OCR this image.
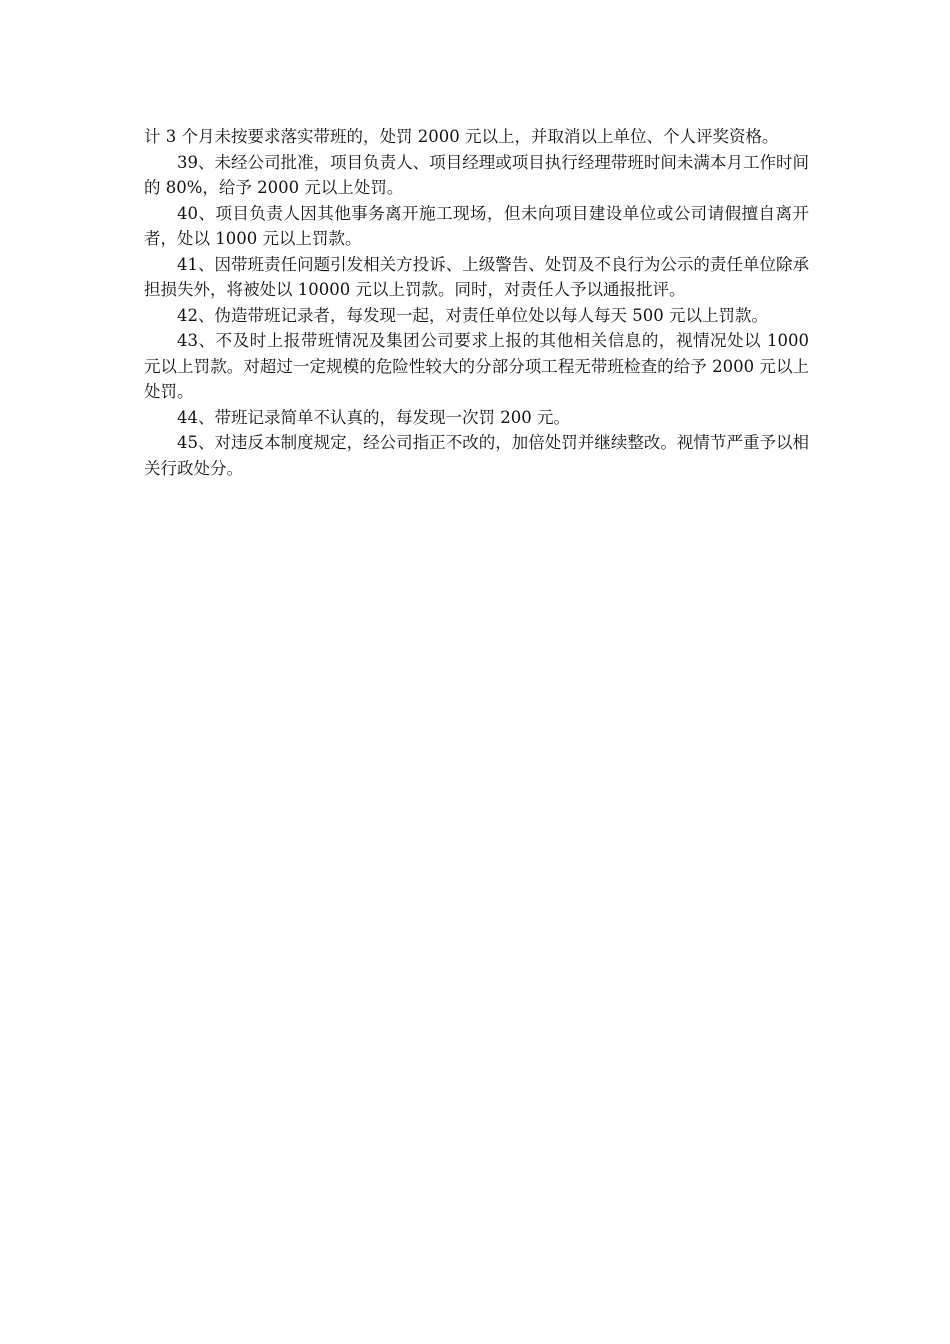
计 3 个月未按要求落实带班的，处罚 2000 元以上，并取消以上单位、个人评奖资格。

39、未经公司批准，项目负责人、项目经理或项目执行经理带班时间未满本月工作时间的 80%，给予 2000 元以上处罚。

40、项目负责人因其他事务离开施工现场，但未向项目建设单位或公司请假擅自离开者，处以 1000 元以上罚款。

41、因带班责任问题引发相关方投诉、上级警告、处罚及不良行为公示的责任单位除承担损失外，将被处以 10000 元以上罚款。同时，对责任人予以通报批评。

42、伪造带班记录者，每发现一起，对责任单位处以每人每天 500 元以上罚款。

43、不及时上报带班情况及集团公司要求上报的其他相关信息的，视情况处以 1000 元以上罚款。对超过一定规模的危险性较大的分部分项工程无带班检查的给予 2000 元以上处罚。

44、带班记录简单不认真的，每发现一次罚 200 元。

45、对违反本制度规定，经公司指正不改的，加倍处罚并继续整改。视情节严重予以相关行政处分。
